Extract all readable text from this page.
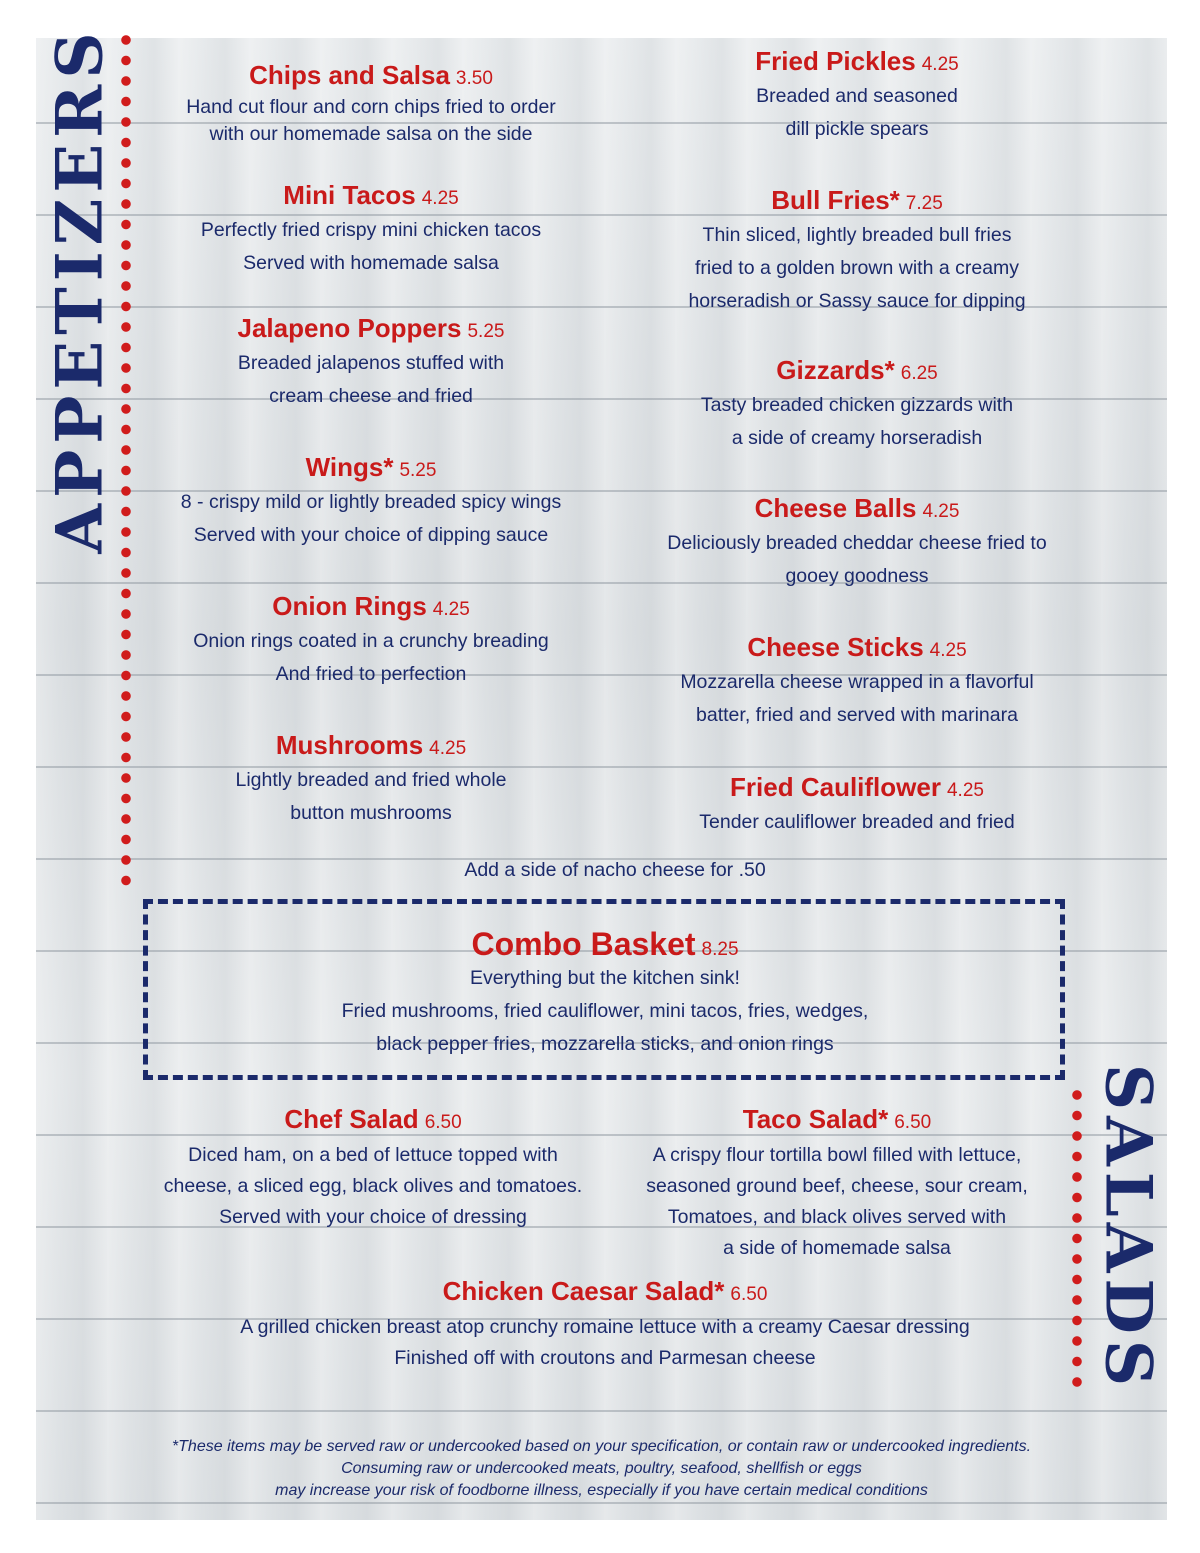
APPETIZERS
SALADS
Chips and Salsa 3.50
Hand cut flour and corn chips fried to order
with our homemade salsa on the side
Mini Tacos 4.25
Perfectly fried crispy mini chicken tacos
Served with homemade salsa
Jalapeno Poppers 5.25
Breaded jalapenos stuffed with
cream cheese and fried
Wings* 5.25
8 - crispy mild or lightly breaded spicy wings
Served with your choice of dipping sauce
Onion Rings 4.25
Onion rings coated in a crunchy breading
And fried to perfection
Mushrooms 4.25
Lightly breaded and fried whole
button mushrooms
Fried Pickles 4.25
Breaded and seasoned
dill pickle spears
Bull Fries* 7.25
Thin sliced, lightly breaded bull fries
fried to a golden brown with a creamy
horseradish or Sassy sauce for dipping
Gizzards* 6.25
Tasty breaded chicken gizzards with
a side of creamy horseradish
Cheese Balls 4.25
Deliciously breaded cheddar cheese fried to
gooey goodness
Cheese Sticks 4.25
Mozzarella cheese wrapped in a flavorful
batter, fried and served with marinara
Fried Cauliflower 4.25
Tender cauliflower breaded and fried
Add a side of nacho cheese for .50
Combo Basket 8.25
Everything but the kitchen sink!
Fried mushrooms, fried cauliflower, mini tacos, fries, wedges,
black pepper fries, mozzarella sticks, and onion rings
Chef Salad 6.50
Diced ham, on a bed of lettuce topped with
cheese, a sliced egg, black olives and tomatoes.
Served with your choice of dressing
Taco Salad* 6.50
A crispy flour tortilla bowl filled with lettuce,
seasoned ground beef, cheese, sour cream,
Tomatoes, and black olives served with
a side of homemade salsa
Chicken Caesar Salad* 6.50
A grilled chicken breast atop crunchy romaine lettuce with a creamy Caesar dressing
Finished off with croutons and Parmesan cheese
*These items may be served raw or undercooked based on your specification, or contain raw or undercooked ingredients.
Consuming raw or undercooked meats, poultry, seafood, shellfish or eggs
may increase your risk of foodborne illness, especially if you have certain medical conditions
